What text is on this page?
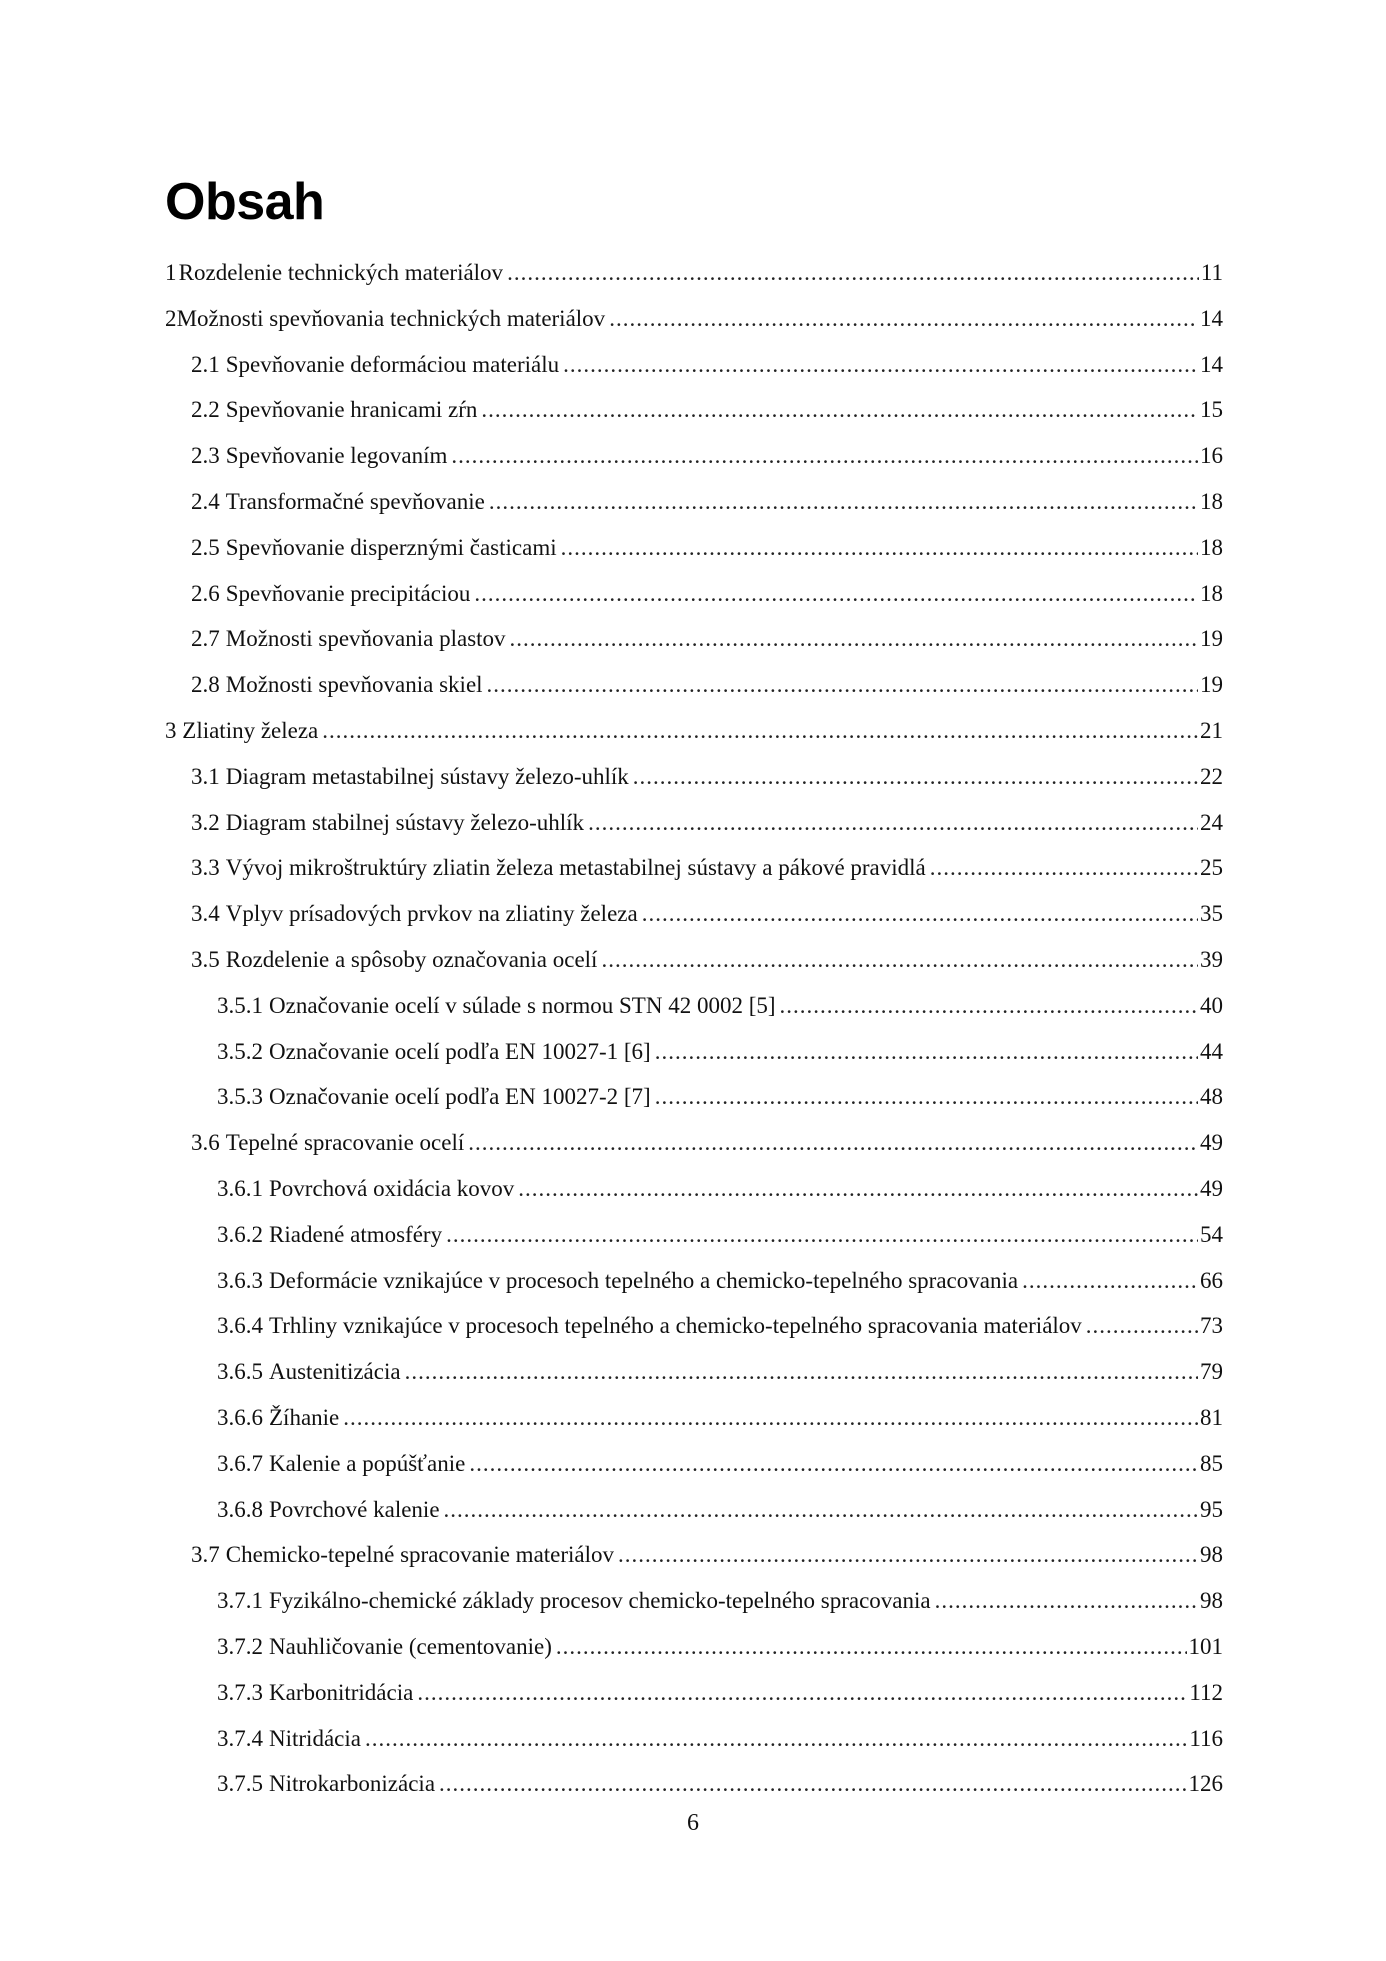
Obsah
1 Rozdelenie technických materiálov .....	11
2 Možnosti spevňovania technických materiálov .....	14
2.1 Spevňovanie deformáciou materiálu .....	14
2.2 Spevňovanie hranicami zŕn .....	15
2.3 Spevňovanie legovaním .....	16
2.4 Transformačné spevňovanie .....	18
2.5 Spevňovanie disperznými časticami .....	18
2.6 Spevňovanie precipitáciou .....	18
2.7 Možnosti spevňovania plastov .....	19
2.8 Možnosti spevňovania skiel .....	19
3 Zliatiny železa .....	21
3.1 Diagram metastabilnej sústavy železo-uhlík .....	22
3.2 Diagram stabilnej sústavy železo-uhlík .....	24
3.3 Vývoj mikroštruktúry zliatin železa metastabilnej sústavy a pákové pravidlá .....	25
3.4 Vplyv prísadových prvkov na zliatiny železa .....	35
3.5 Rozdelenie a spôsoby označovania ocelí .....	39
3.5.1 Označovanie ocelí v súlade s normou STN 42 0002 [5] .....	40
3.5.2 Označovanie ocelí podľa EN 10027-1 [6] .....	44
3.5.3 Označovanie ocelí podľa EN 10027-2 [7] .....	48
3.6 Tepelné spracovanie ocelí .....	49
3.6.1 Povrchová oxidácia kovov .....	49
3.6.2 Riadené atmosféry .....	54
3.6.3 Deformácie vznikajúce v procesoch tepelného a chemicko-tepelného spracovania .....	66
3.6.4 Trhliny vznikajúce v procesoch tepelného a chemicko-tepelného spracovania materiálov .....	73
3.6.5 Austenitizácia .....	79
3.6.6 Žíhanie .....	81
3.6.7 Kalenie a popúšťanie .....	85
3.6.8 Povrchové kalenie .....	95
3.7 Chemicko-tepelné spracovanie materiálov .....	98
3.7.1 Fyzikálno-chemické základy procesov chemicko-tepelného spracovania .....	98
3.7.2 Nauhličovanie (cementovanie) .....	101
3.7.3 Karbonitridácia .....	112
3.7.4 Nitridácia .....	116
3.7.5 Nitrokarbonizácia .....	126
6
